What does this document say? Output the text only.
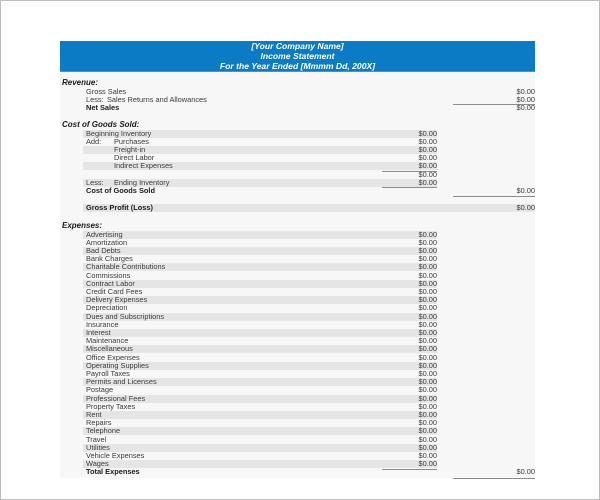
[Your Company Name]
Income Statement
For the Year Ended [Mmmm Dd, 200X]
Revenue:
Gross Sales	$0.00
Less: Sales Returns and Allowances	$0.00
Net Sales	$0.00
Cost of Goods Sold:
Beginning Inventory	$0.00
Add: Purchases	$0.00
Freight-in	$0.00
Direct Labor	$0.00
Indirect Expenses	$0.00
$0.00
Less: Ending Inventory	$0.00
Cost of Goods Sold	$0.00
Gross Profit (Loss)	$0.00
Expenses:
Advertising	$0.00
Amortization	$0.00
Bad Debts	$0.00
Bank Charges	$0.00
Charitable Contributions	$0.00
Commissions	$0.00
Contract Labor	$0.00
Credit Card Fees	$0.00
Delivery Expenses	$0.00
Depreciation	$0.00
Dues and Subscriptions	$0.00
Insurance	$0.00
Interest	$0.00
Maintenance	$0.00
Miscellaneous	$0.00
Office Expenses	$0.00
Operating Supplies	$0.00
Payroll Taxes	$0.00
Permits and Licenses	$0.00
Postage	$0.00
Professional Fees	$0.00
Property Taxes	$0.00
Rent	$0.00
Repairs	$0.00
Telephone	$0.00
Travel	$0.00
Utilities	$0.00
Vehicle Expenses	$0.00
Wages	$0.00
Total Expenses	$0.00
